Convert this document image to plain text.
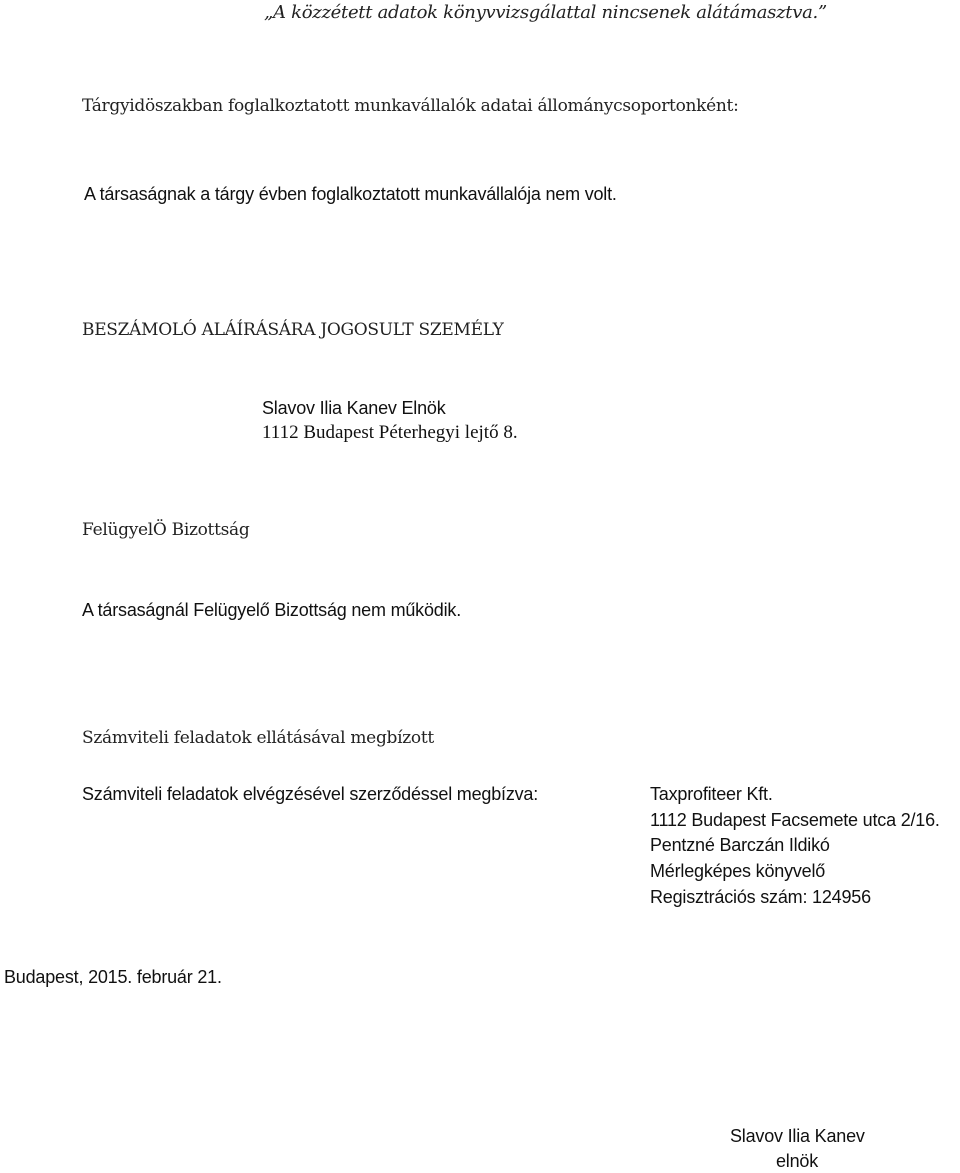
„A közzétett adatok könyvvizsgálattal nincsenek alátámasztva.”

Tárgyidöszakban foglalkoztatott munkavállalók adatai állománycsoportonként:

A társaságnak a tárgy évben foglalkoztatott munkavállalója nem volt.

BESZÁMOLÓ ALÁÍRÁSÁRA JOGOSULT SZEMÉLY

Slavov Ilia Kanev Elnök

1112 Budapest Péterhegyi lejtő 8.

FelügyelÖ Bizottság

A társaságnál Felügyelő Bizottság nem működik.

Számviteli feladatok ellátásával megbízott

Számviteli feladatok elvégzésével szerződéssel megbízva:	Taxprofiteer Kft.

1112 Budapest Facsemete utca 2/16.

Pentzné Barczán Ildikó

Mérlegképes könyvelő

Regisztrációs szám: 124956

Budapest, 2015. február 21.

Slavov Ilia Kanev

elnök
